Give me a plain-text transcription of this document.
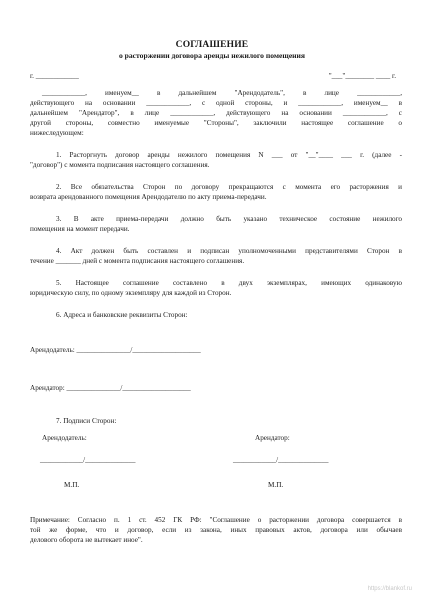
СОГЛАШЕНИЕ
о расторжении договора аренды нежилого помещения
г. ____________	"___"________ ____ г.
____________, именуем__ в дальнейшем "Арендодатель", в лице ____________,
действующего на основании ____________, с одной стороны, и ____________, именуем__ в
дальнейшем "Арендатор", в лице ____________, действующего на основании ____________, с
другой стороны, совместно именуемые "Стороны", заключили настоящее соглашение о
нижеследующем:
1. Расторгнуть договор аренды нежилого помещения N ___ от "__"____ ___ г. (далее -
"договор") с момента подписания настоящего соглашения.
2. Все обязательства Сторон по договору прекращаются с момента его расторжения и
возврата арендованного помещения Арендодателю по акту приема-передачи.
3. В акте приема-передачи должно быть указано техническое состояние нежилого
помещения на момент передачи.
4. Акт должен быть составлен и подписан уполномоченными представителями Сторон в
течение _______ дней с момента подписания настоящего соглашения.
5. Настоящее соглашение составлено в двух экземплярах, имеющих одинаковую
юридическую силу, по одному экземпляру для каждой из Сторон.
6. Адреса и банковские реквизиты Сторон:
Арендодатель: _______________/___________________
Арендатор: _______________/___________________
7. Подписи Сторон:
Арендодатель:	Арендатор:
____________/______________	____________/______________
М.П.	М.П.
Примечание: Согласно п. 1 ст. 452 ГК РФ: "Соглашение о расторжении договора совершается в
той же форме, что и договор, если из закона, иных правовых актов, договора или обычаев
делового оборота не вытекает иное".
https://blankof.ru
